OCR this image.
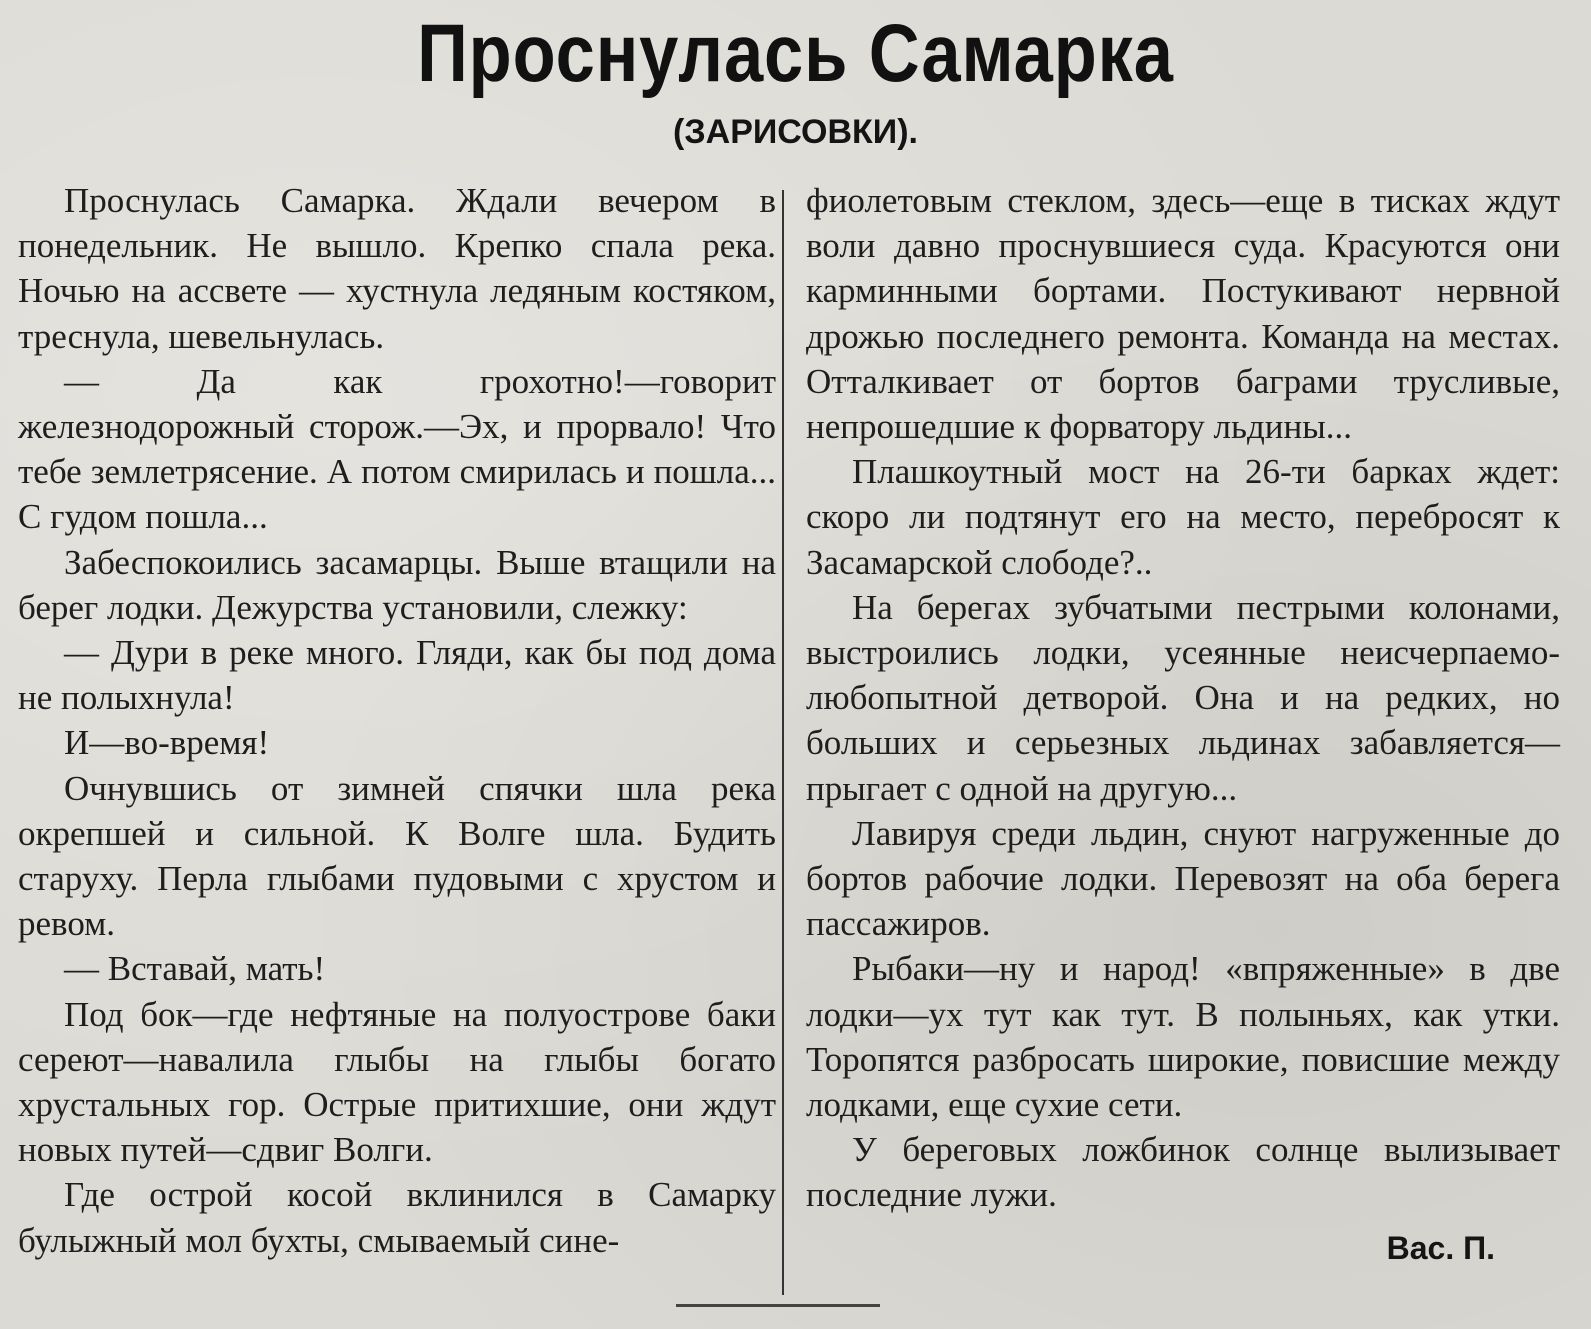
Проснулась Самарка
(ЗАРИСОВКИ).

Проснулась Самарка. Ждали вечером в понедельник. Не вышло. Крепко спала река. Ночью на ассвете — хустнула ледяным костяком, треснула, шевельнулась.

— Да как грохотно!—говорит железнодорожный сторож.—Эх, и прорвало! Что тебе землетрясение. А потом смирилась и пошла... С гудом пошла...

Забеспокоились засамарцы. Выше втащили на берег лодки. Дежурства установили, слежку:

— Дури в реке много. Гляди, как бы под дома не полыхнула!

И—во-время!

Очнувшись от зимней спячки шла река окрепшей и сильной. К Волге шла. Будить старуху. Перла глыбами пудовыми с хрустом и ревом.

— Вставай, мать!

Под бок—где нефтяные на полуострове баки сереют—навалила глыбы на глыбы богато хрустальных гор. Острые притихшие, они ждут новых путей—сдвиг Волги.

Где острой косой вклинился в Самарку булыжный мол бухты, смываемый сине-

фиолетовым стеклом, здесь—еще в тисках ждут воли давно проснувшиеся суда. Красуются они карминными бортами. Постукивают нервной дрожью последнего ремонта. Команда на местах. Отталкивает от бортов баграми трусливые, непрошедшие к форватору льдины...

Плашкоутный мост на 26-ти барках ждет: скоро ли подтянут его на место, перебросят к Засамарской слободе?..

На берегах зубчатыми пестрыми колонами, выстроились лодки, усеянные неисчерпаемо-любопытной детворой. Она и на редких, но больших и серьезных льдинах забавляется—прыгает с одной на другую...

Лавируя среди льдин, снуют нагруженные до бортов рабочие лодки. Перевозят на оба берега пассажиров.

Рыбаки—ну и народ! «впряженные» в две лодки—ух тут как тут. В полыньях, как утки. Торопятся разбросать широкие, повисшие между лодками, еще сухие сети.

У береговых ложбинок солнце вылизывает последние лужи.

Вас. П.
